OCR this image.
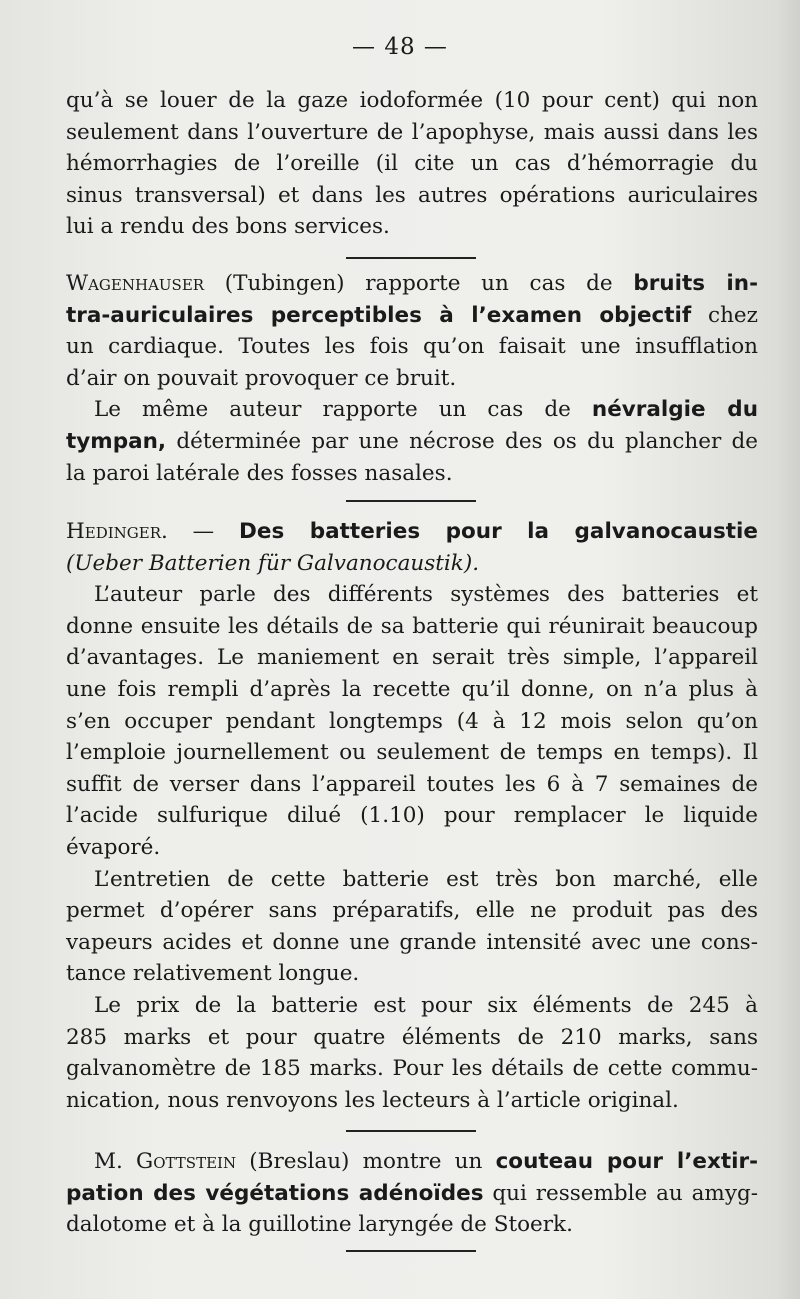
— 48 —
qu’à se louer de la gaze iodoformée (10 pour cent) qui non
seulement dans l’ouverture de l’apophyse, mais aussi dans les
hémorrhagies de l’oreille (il cite un cas d’hémorragie du
sinus transversal) et dans les autres opérations auriculaires
lui a rendu des bons services.
Wagenhauser (Tubingen) rapporte un cas de bruits in-
tra-auriculaires perceptibles à l’examen objectif chez
un cardiaque. Toutes les fois qu’on faisait une insufflation
d’air on pouvait provoquer ce bruit.
Le même auteur rapporte un cas de névralgie du
tympan, déterminée par une nécrose des os du plancher de
la paroi latérale des fosses nasales.
Hedinger. — Des batteries pour la galvanocaustie
(Ueber Batterien für Galvanocaustik).
L’auteur parle des différents systèmes des batteries et
donne ensuite les détails de sa batterie qui réunirait beaucoup
d’avantages. Le maniement en serait très simple, l’appareil
une fois rempli d’après la recette qu’il donne, on n’a plus à
s’en occuper pendant longtemps (4 à 12 mois selon qu’on
l’emploie journellement ou seulement de temps en temps). Il
suffit de verser dans l’appareil toutes les 6 à 7 semaines de
l’acide sulfurique dilué (1.10) pour remplacer le liquide
évaporé.
L’entretien de cette batterie est très bon marché, elle
permet d’opérer sans préparatifs, elle ne produit pas des
vapeurs acides et donne une grande intensité avec une cons-
tance relativement longue.
Le prix de la batterie est pour six éléments de 245 à
285 marks et pour quatre éléments de 210 marks, sans
galvanomètre de 185 marks. Pour les détails de cette commu-
nication, nous renvoyons les lecteurs à l’article original.
M. Gottstein (Breslau) montre un couteau pour l’extir-
pation des végétations adénoïdes qui ressemble au amyg-
dalotome et à la guillotine laryngée de Stoerk.
